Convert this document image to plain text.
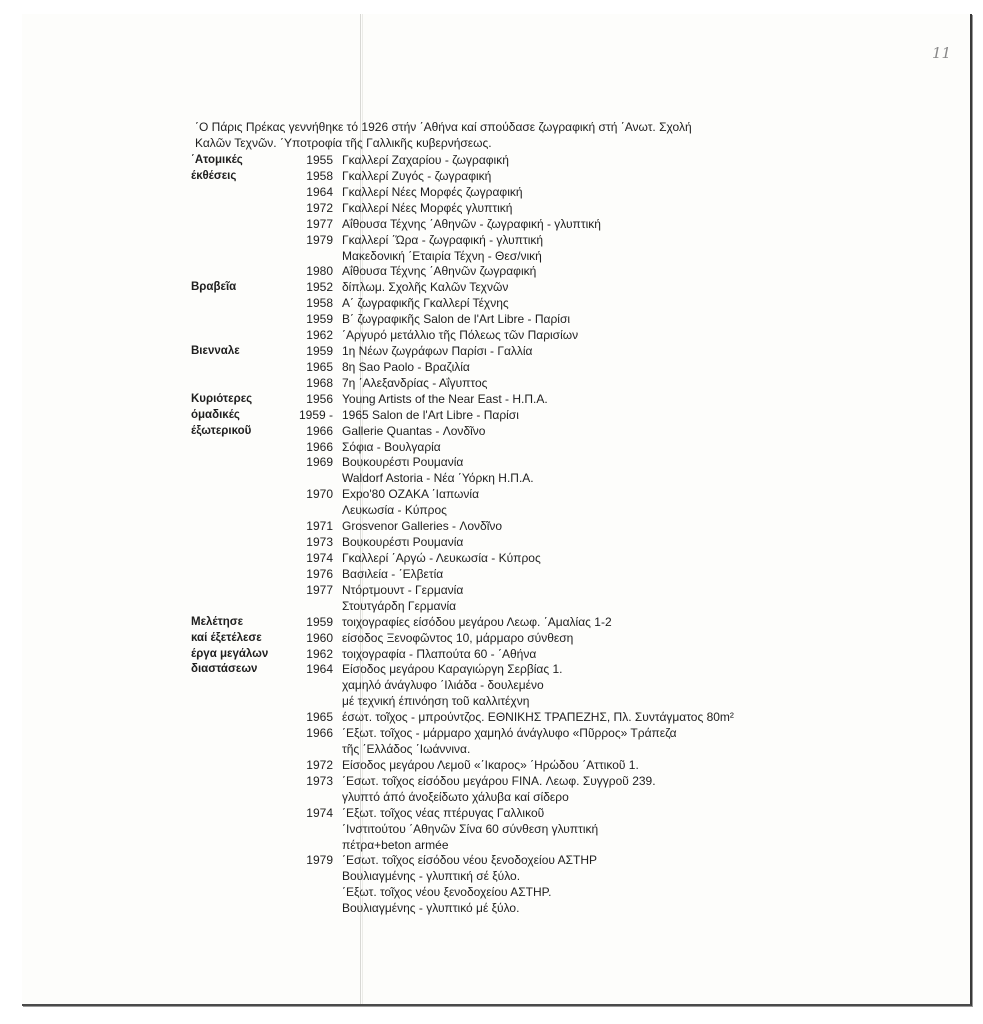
11

΄Ο Πάρις Πρέκας γεννήθηκε τό 1926 στήν ΄Αθήνα καί σπούδασε ζωγραφική στή ΄Ανωτ. Σχολή

Καλῶν Τεχνῶν. ΄Υποτροφία τῆς Γαλλικῆς κυβερνήσεως.

΄Ατομικές	1955 Γκαλλερί Ζαχαρίου - ζωγραφική
έκθέσεις	1958 Γκαλλερί Ζυγός - ζωγραφική
1964 Γκαλλερί Νέες Μορφές ζωγραφική
1972 Γκαλλερί Νέες Μορφές γλυπτική
1977 Αΐθουσα Τέχνης ΄Αθηνῶν - ζωγραφική - γλυπτική
1979 Γκαλλερί ΄Ώρα - ζωγραφική - γλυπτική
Μακεδονική ΄Εταιρία Τέχνη - Θεσ/νική
1980 Αΐθουσα Τέχνης ΄Αθηνῶν ζωγραφική
Βραβεῖα	1952 δίπλωμ. Σχολῆς Καλῶν Τεχνῶν
1958 Α΄ ζωγραφικῆς Γκαλλερί Τέχνης
1959 Β΄ ζωγραφικῆς Salon de l'Art Libre - Παρίσι
1962 ΄Αργυρό μετάλλιο τῆς Πόλεως τῶν Παρισίων
Βιενναλε	1959 1η Νέων ζωγράφων Παρίσι - Γαλλία
1965 8η Sao Paolo - Βραζιλία
1968 7η ΄Αλεξανδρίας - Αΐγυπτος
Κυριότερες	1956 Young Artists of the Near East - Η.Π.Α.
όμαδικές	1959 - 1965 Salon de l'Art Libre - Παρίσι
έξωτερικοῦ	1966 Gallerie Quantas - Λονδῖνο
1966 Σόφια - Βουλγαρία
1969 Βουκουρέστι Ρουμανία
Waldorf Astoria - Νέα ΄Υόρκη Η.Π.Α.
1970 Expo'80 ΟΖΑΚΑ ΄Ιαπωνία
Λευκωσία - Κύπρος
1971 Grosvenor Galleries - Λονδῖνο
1973 Βουκουρέστι Ρουμανία
1974 Γκαλλερί ΄Αργώ - Λευκωσία - Κύπρος
1976 Βασιλεία - ΄Ελβετία
1977 Ντόρτμουντ - Γερμανία
Στουτγάρδη Γερμανία
Μελέτησε	1959 τοιχογραφίες είσόδου μεγάρου Λεωφ. ΄Αμαλίας 1-2
καί έξετέλεσε	1960 είσοδος Ξενοφῶντος 10, μάρμαρο σύνθεση
έργα μεγάλων	1962 τοιχογραφία - Πλαπούτα 60 - ΄Αθήνα
διαστάσεων	1964 Είσοδος μεγάρου Καραγιώργη Σερβίας 1.
χαμηλό άνάγλυφο ΄Ιλιάδα - δουλεμένο
μέ τεχνική έπινόηση τοῦ καλλιτέχνη
1965 έσωτ. τοῖχος - μπρούντζος. ΕΘΝΙΚΗΣ ΤΡΑΠΕΖΗΣ, Πλ. Συντάγματος 80m²
1966 ΄Εξωτ. τοῖχος - μάρμαρο χαμηλό άνάγλυφο «Πῦρρος» Τράπεζα
τῆς ΄Ελλάδος ΄Ιωάννινα.
1972 Είσοδος μεγάρου Λεμοῦ «΄Ικαρος» ΄Ηρώδου ΄Αττικοῦ 1.
1973 ΄Εσωτ. τοῖχος είσόδου μεγάρου FINA. Λεωφ. Συγγροῦ 239.
γλυπτό άπό άνοξείδωτο χάλυβα καί σίδερο
1974 ΄Εξωτ. τοῖχος νέας πτέρυγας Γαλλικοῦ
΄Ινστιτούτου ΄Αθηνῶν Σίνα 60 σύνθεση γλυπτική
πέτρα+beton armée
1979 ΄Εσωτ. τοῖχος είσόδου νέου ξενοδοχείου ΑΣΤΗΡ
Βουλιαγμένης - γλυπτική σέ ξύλο.
΄Εξωτ. τοῖχος νέου ξενοδοχείου ΑΣΤΗΡ.
Βουλιαγμένης - γλυπτικό μέ ξύλο.
